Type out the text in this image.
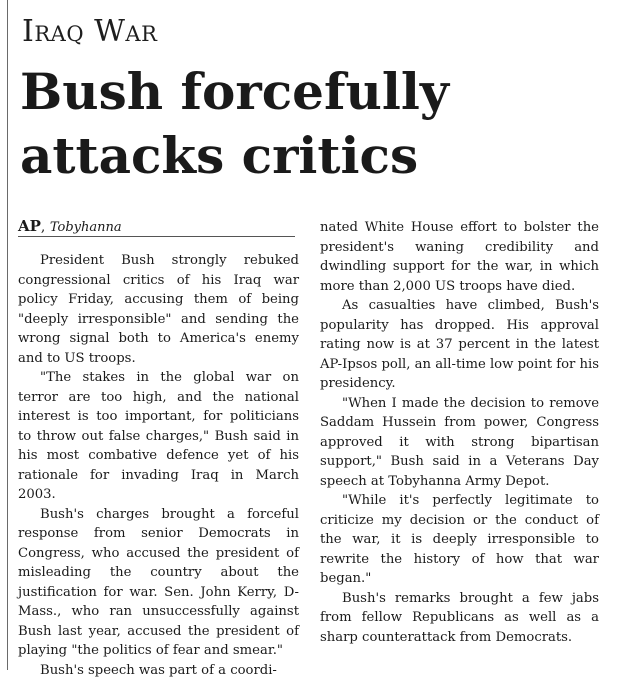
Iraq War
Bush forcefully
attacks critics
AP, Tobyhanna

President Bush strongly rebuked congressional critics of his Iraq war policy Friday, accusing them of being "deeply irresponsible" and sending the wrong signal both to America's enemy and to US troops.

"The stakes in the global war on terror are too high, and the national interest is too important, for politicians to throw out false charges," Bush said in his most combative defence yet of his rationale for invading Iraq in March 2003.

Bush's charges brought a forceful response from senior Democrats in Congress, who accused the president of misleading the country about the justification for war. Sen. John Kerry, D-Mass., who ran unsuccessfully against Bush last year, accused the president of playing "the politics of fear and smear."

Bush's speech was part of a coordi-

nated White House effort to bolster the president's waning credibility and dwindling support for the war, in which more than 2,000 US troops have died.

As casualties have climbed, Bush's popularity has dropped. His approval rating now is at 37 percent in the latest AP-Ipsos poll, an all-time low point for his presidency.

"When I made the decision to remove Saddam Hussein from power, Congress approved it with strong bipartisan support," Bush said in a Veterans Day speech at Tobyhanna Army Depot.

"While it's perfectly legitimate to criticize my decision or the conduct of the war, it is deeply irresponsible to rewrite the history of how that war began."

Bush's remarks brought a few jabs from fellow Republicans as well as a sharp counterattack from Democrats.
